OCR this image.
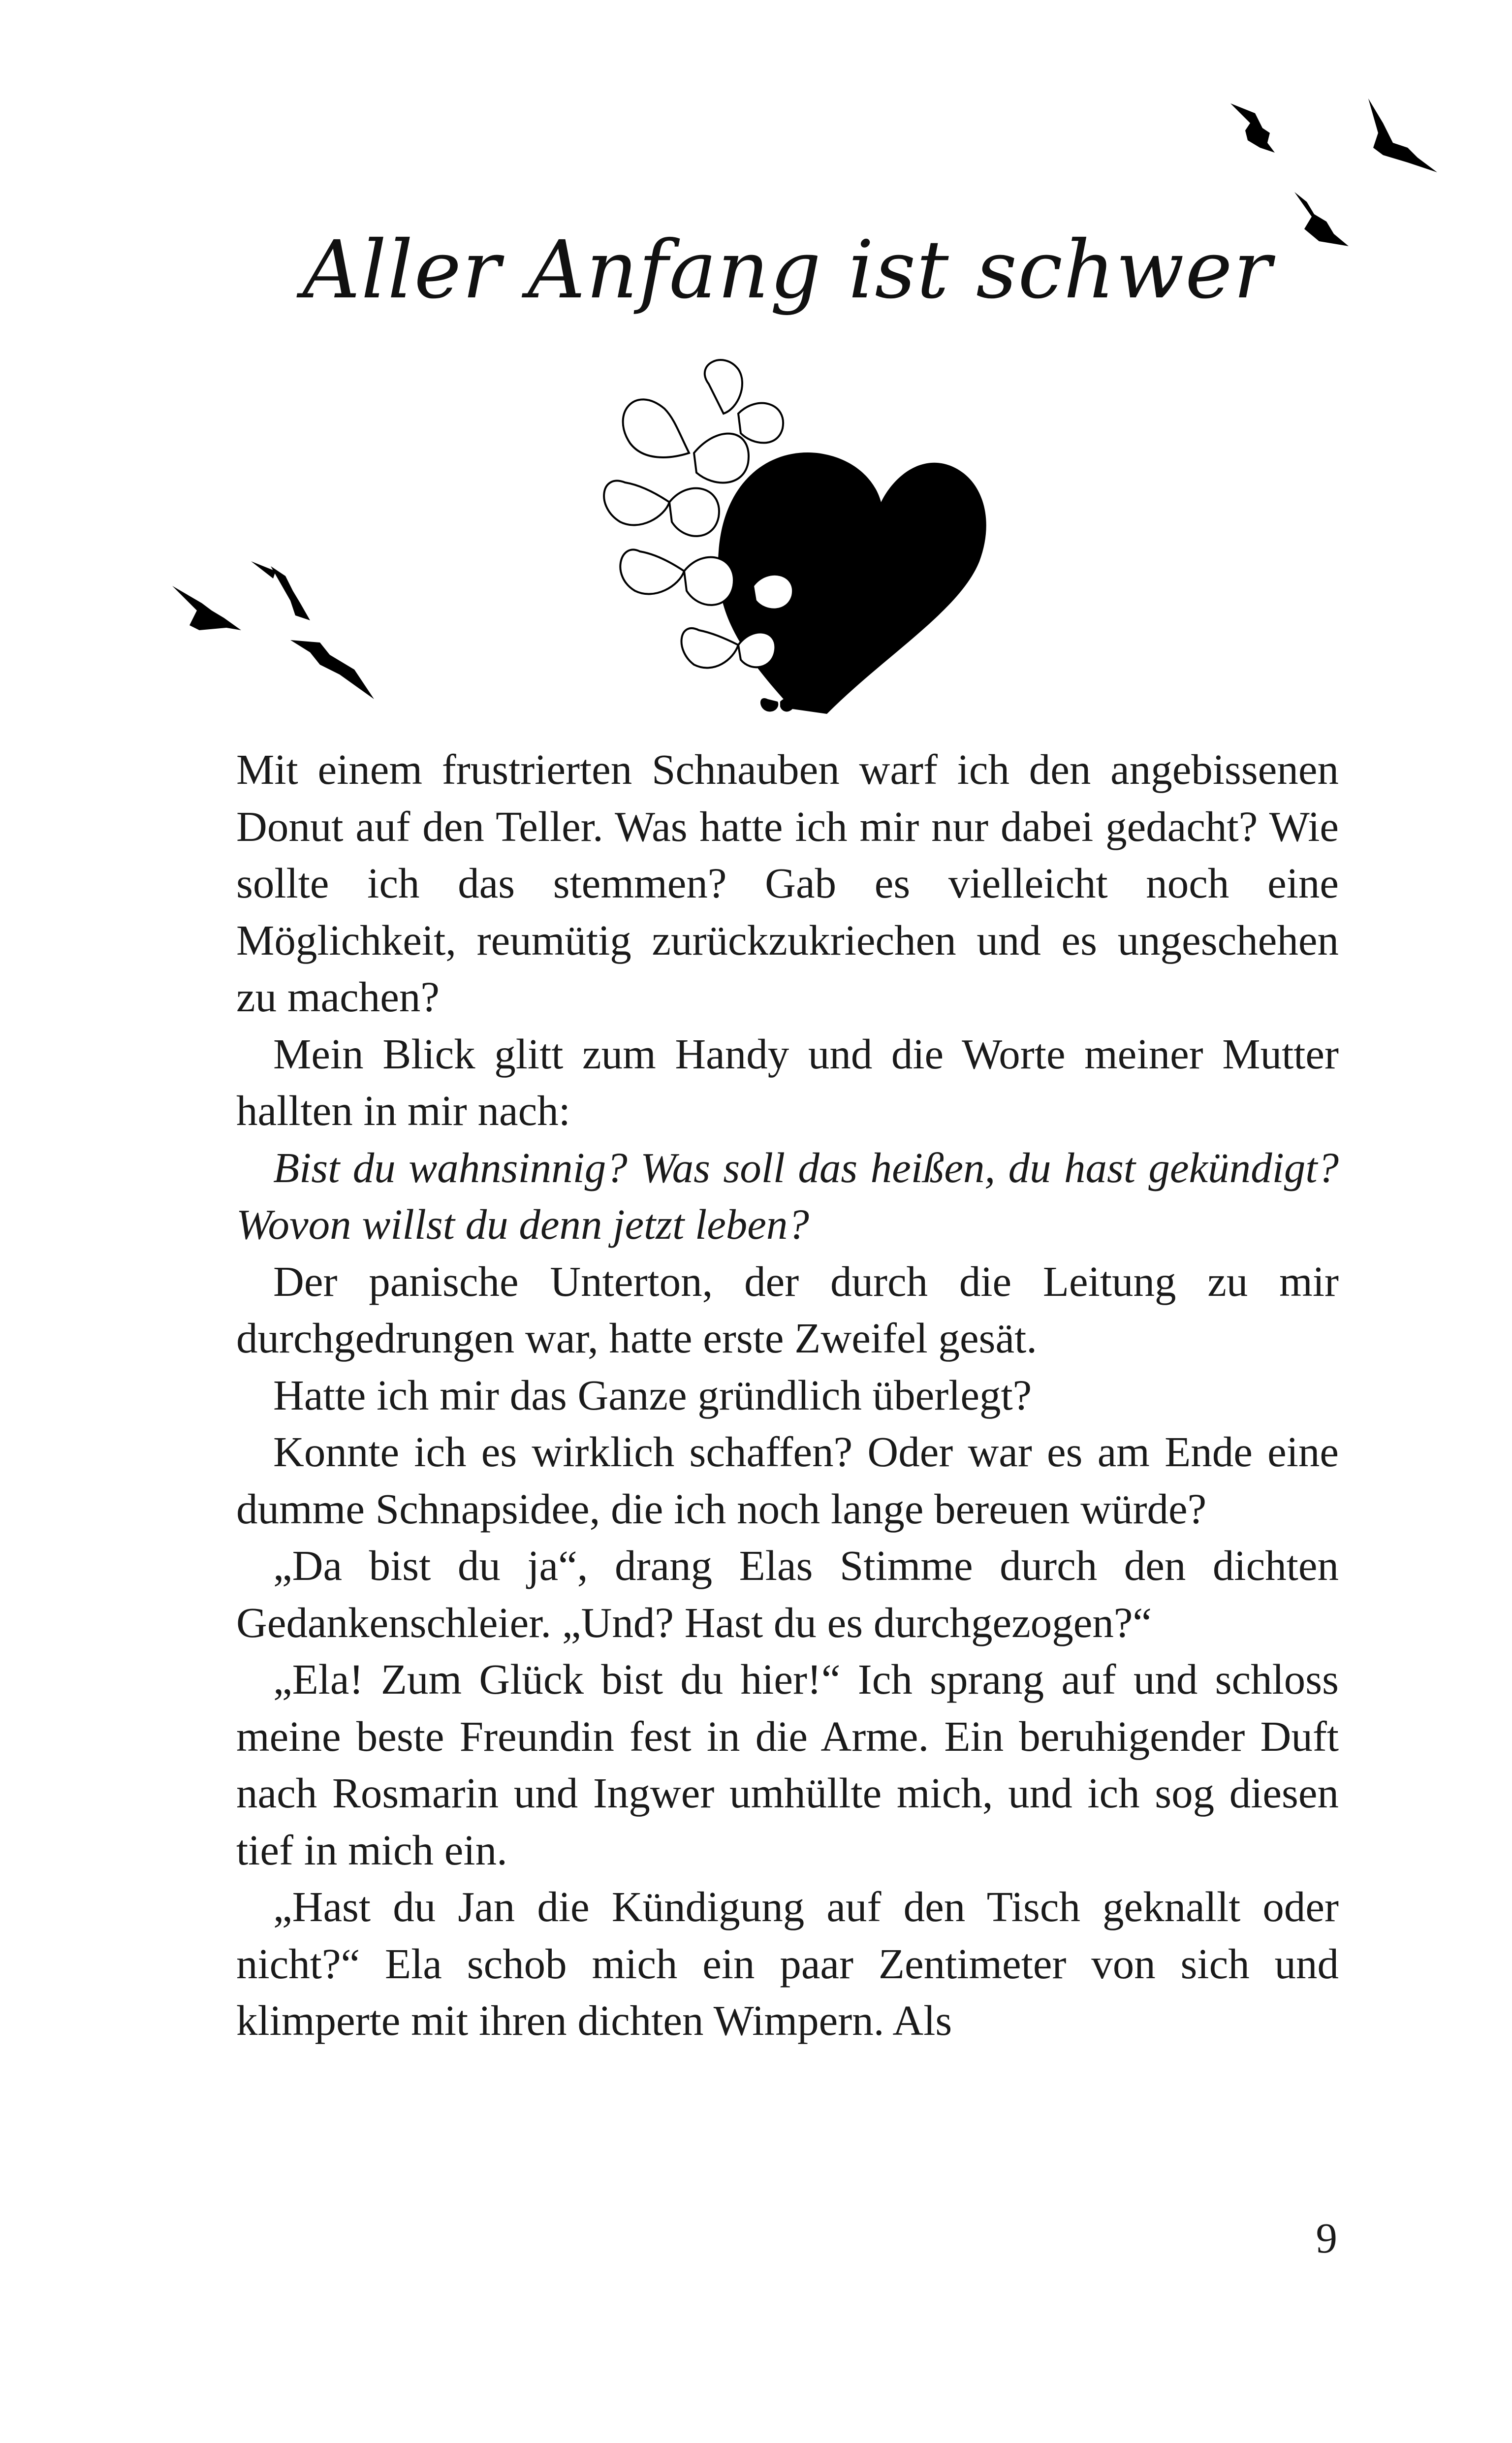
Aller Anfang ist schwer

Mit einem frustrierten Schnauben warf ich den angebissenen Donut auf den Teller. Was hatte ich mir nur dabei gedacht? Wie sollte ich das stemmen? Gab es vielleicht noch eine Möglichkeit, reumütig zurückzukriechen und es ungeschehen zu machen?

Mein Blick glitt zum Handy und die Worte meiner Mutter hallten in mir nach:

Bist du wahnsinnig? Was soll das heißen, du hast gekündigt? Wovon willst du denn jetzt leben?

Der panische Unterton, der durch die Leitung zu mir durchgedrungen war, hatte erste Zweifel gesät.

Hatte ich mir das Ganze gründlich überlegt?

Konnte ich es wirklich schaffen? Oder war es am Ende eine dumme Schnapsidee, die ich noch lange bereuen würde?

„Da bist du ja“, drang Elas Stimme durch den dichten Gedankenschleier. „Und? Hast du es durchgezogen?“

„Ela! Zum Glück bist du hier!“ Ich sprang auf und schloss meine beste Freundin fest in die Arme. Ein beruhigender Duft nach Rosmarin und Ingwer umhüllte mich, und ich sog diesen tief in mich ein.

„Hast du Jan die Kündigung auf den Tisch geknallt oder nicht?“ Ela schob mich ein paar Zentimeter von sich und klimperte mit ihren dichten Wimpern. Als

9
